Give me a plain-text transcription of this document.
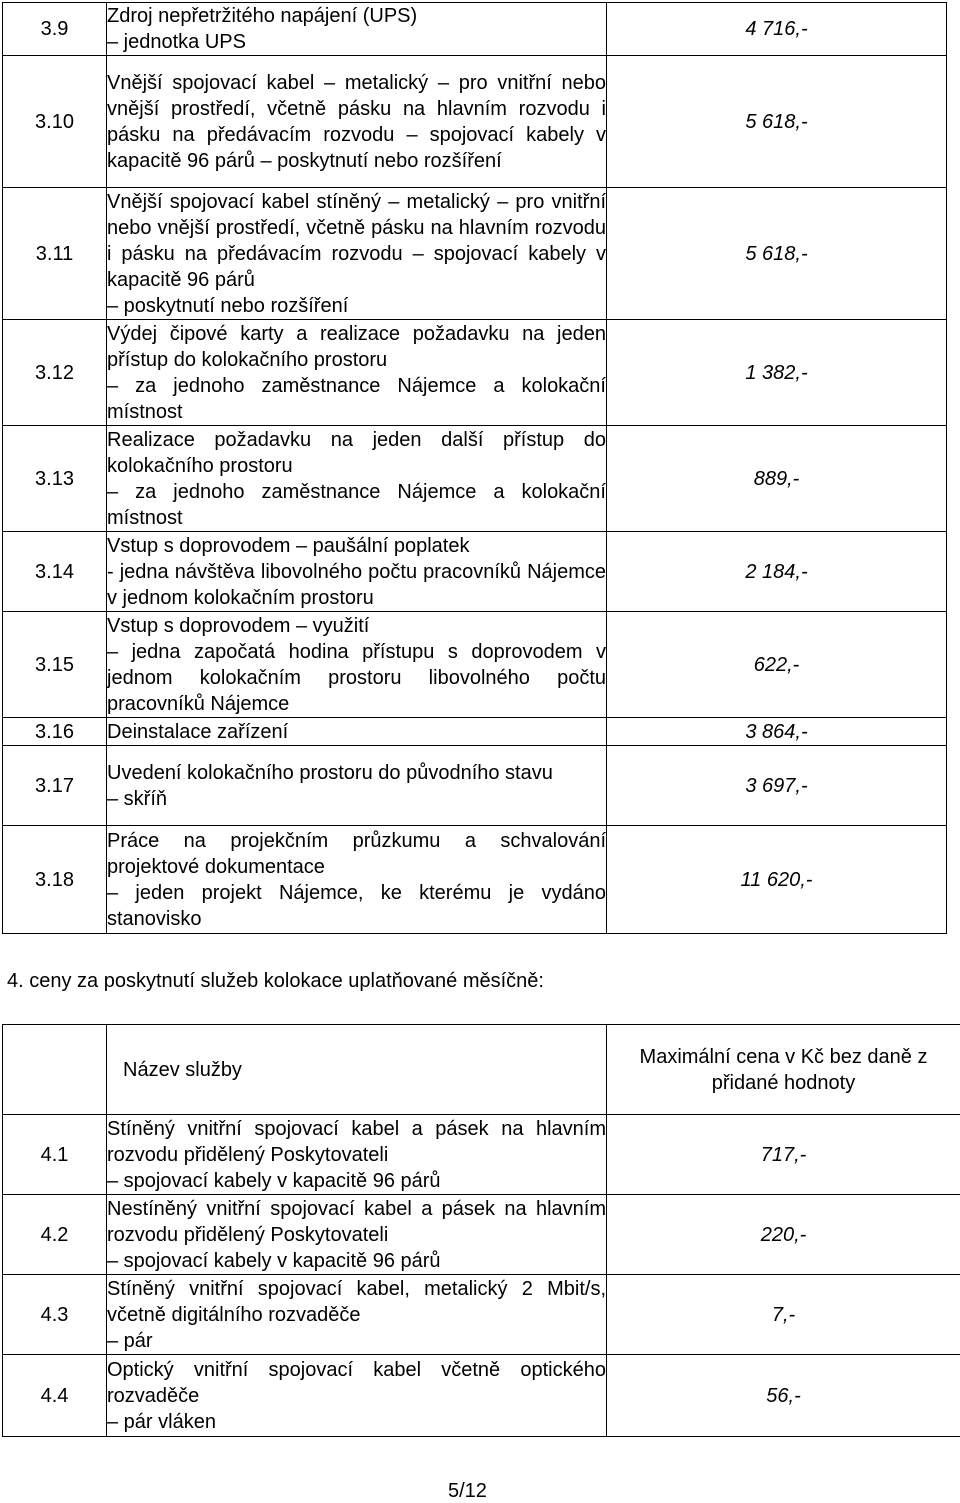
3.9	Zdroj nepřetržitého napájení (UPS)
– jednotka UPS	4 716,-
3.10	Vnější spojovací kabel – metalický – pro vnitřní nebo vnější prostředí, včetně pásku na hlavním rozvodu i pásku na předávacím rozvodu – spojovací kabely v kapacitě 96 párů – poskytnutí nebo rozšíření	5 618,-
3.11	Vnější spojovací kabel stíněný – metalický – pro vnitřní nebo vnější prostředí, včetně pásku na hlavním rozvodu i pásku na předávacím rozvodu – spojovací kabely v kapacitě 96 párů
– poskytnutí nebo rozšíření	5 618,-
3.12	Výdej čipové karty a realizace požadavku na jeden přístup do kolokačního prostoru
– za jednoho zaměstnance Nájemce a kolokační místnost	1 382,-
3.13	Realizace požadavku na jeden další přístup do kolokačního prostoru
– za jednoho zaměstnance Nájemce a kolokační místnost	889,-
3.14	Vstup s doprovodem – paušální poplatek
- jedna návštěva libovolného počtu pracovníků Nájemce v jednom kolokačním prostoru	2 184,-
3.15	Vstup s doprovodem – využití
– jedna započatá hodina přístupu s doprovodem v jednom kolokačním prostoru libovolného počtu pracovníků Nájemce	622,-
3.16	Deinstalace zařízení	3 864,-
3.17	Uvedení kolokačního prostoru do původního stavu
– skříň	3 697,-
3.18	Práce na projekčním průzkumu a schvalování projektové dokumentace
– jeden projekt Nájemce, ke kterému je vydáno stanovisko	11 620,-
4. ceny za poskytnutí služeb kolokace uplatňované měsíčně:
	Název služby	Maximální cena v Kč bez daně z přidané hodnoty
4.1	Stíněný vnitřní spojovací kabel a pásek na hlavním rozvodu přidělený Poskytovateli
– spojovací kabely v kapacitě 96 párů	717,-
4.2	Nestíněný vnitřní spojovací kabel a pásek na hlavním rozvodu přidělený Poskytovateli
– spojovací kabely v kapacitě 96 párů	220,-
4.3	Stíněný vnitřní spojovací kabel, metalický 2 Mbit/s, včetně digitálního rozvaděče
– pár	7,-
4.4	Optický vnitřní spojovací kabel včetně optického rozvaděče
– pár vláken	56,-
5/12
